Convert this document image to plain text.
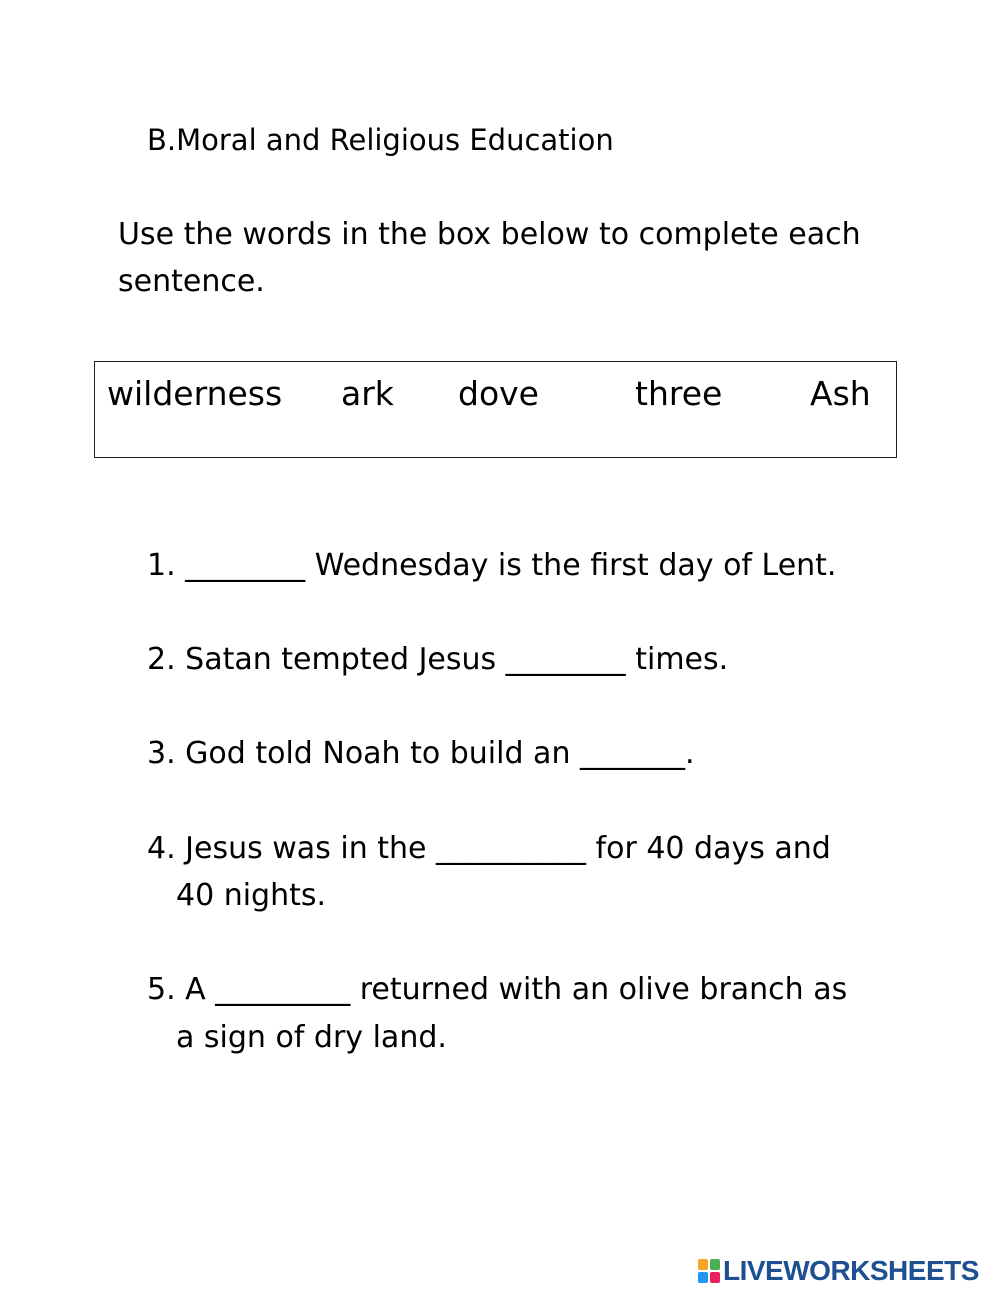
B.Moral and Religious Education

Use the words in the box below to complete each

sentence.

wilderness ark dove	three	Ash

1. ________ Wednesday is the first day of Lent.

2. Satan tempted Jesus ________ times.

3. God told Noah to build an _______.

4. Jesus was in the __________ for 40 days and

40 nights.

5. A _________ returned with an olive branch as

a sign of dry land.

LIVEWORKSHEETS
